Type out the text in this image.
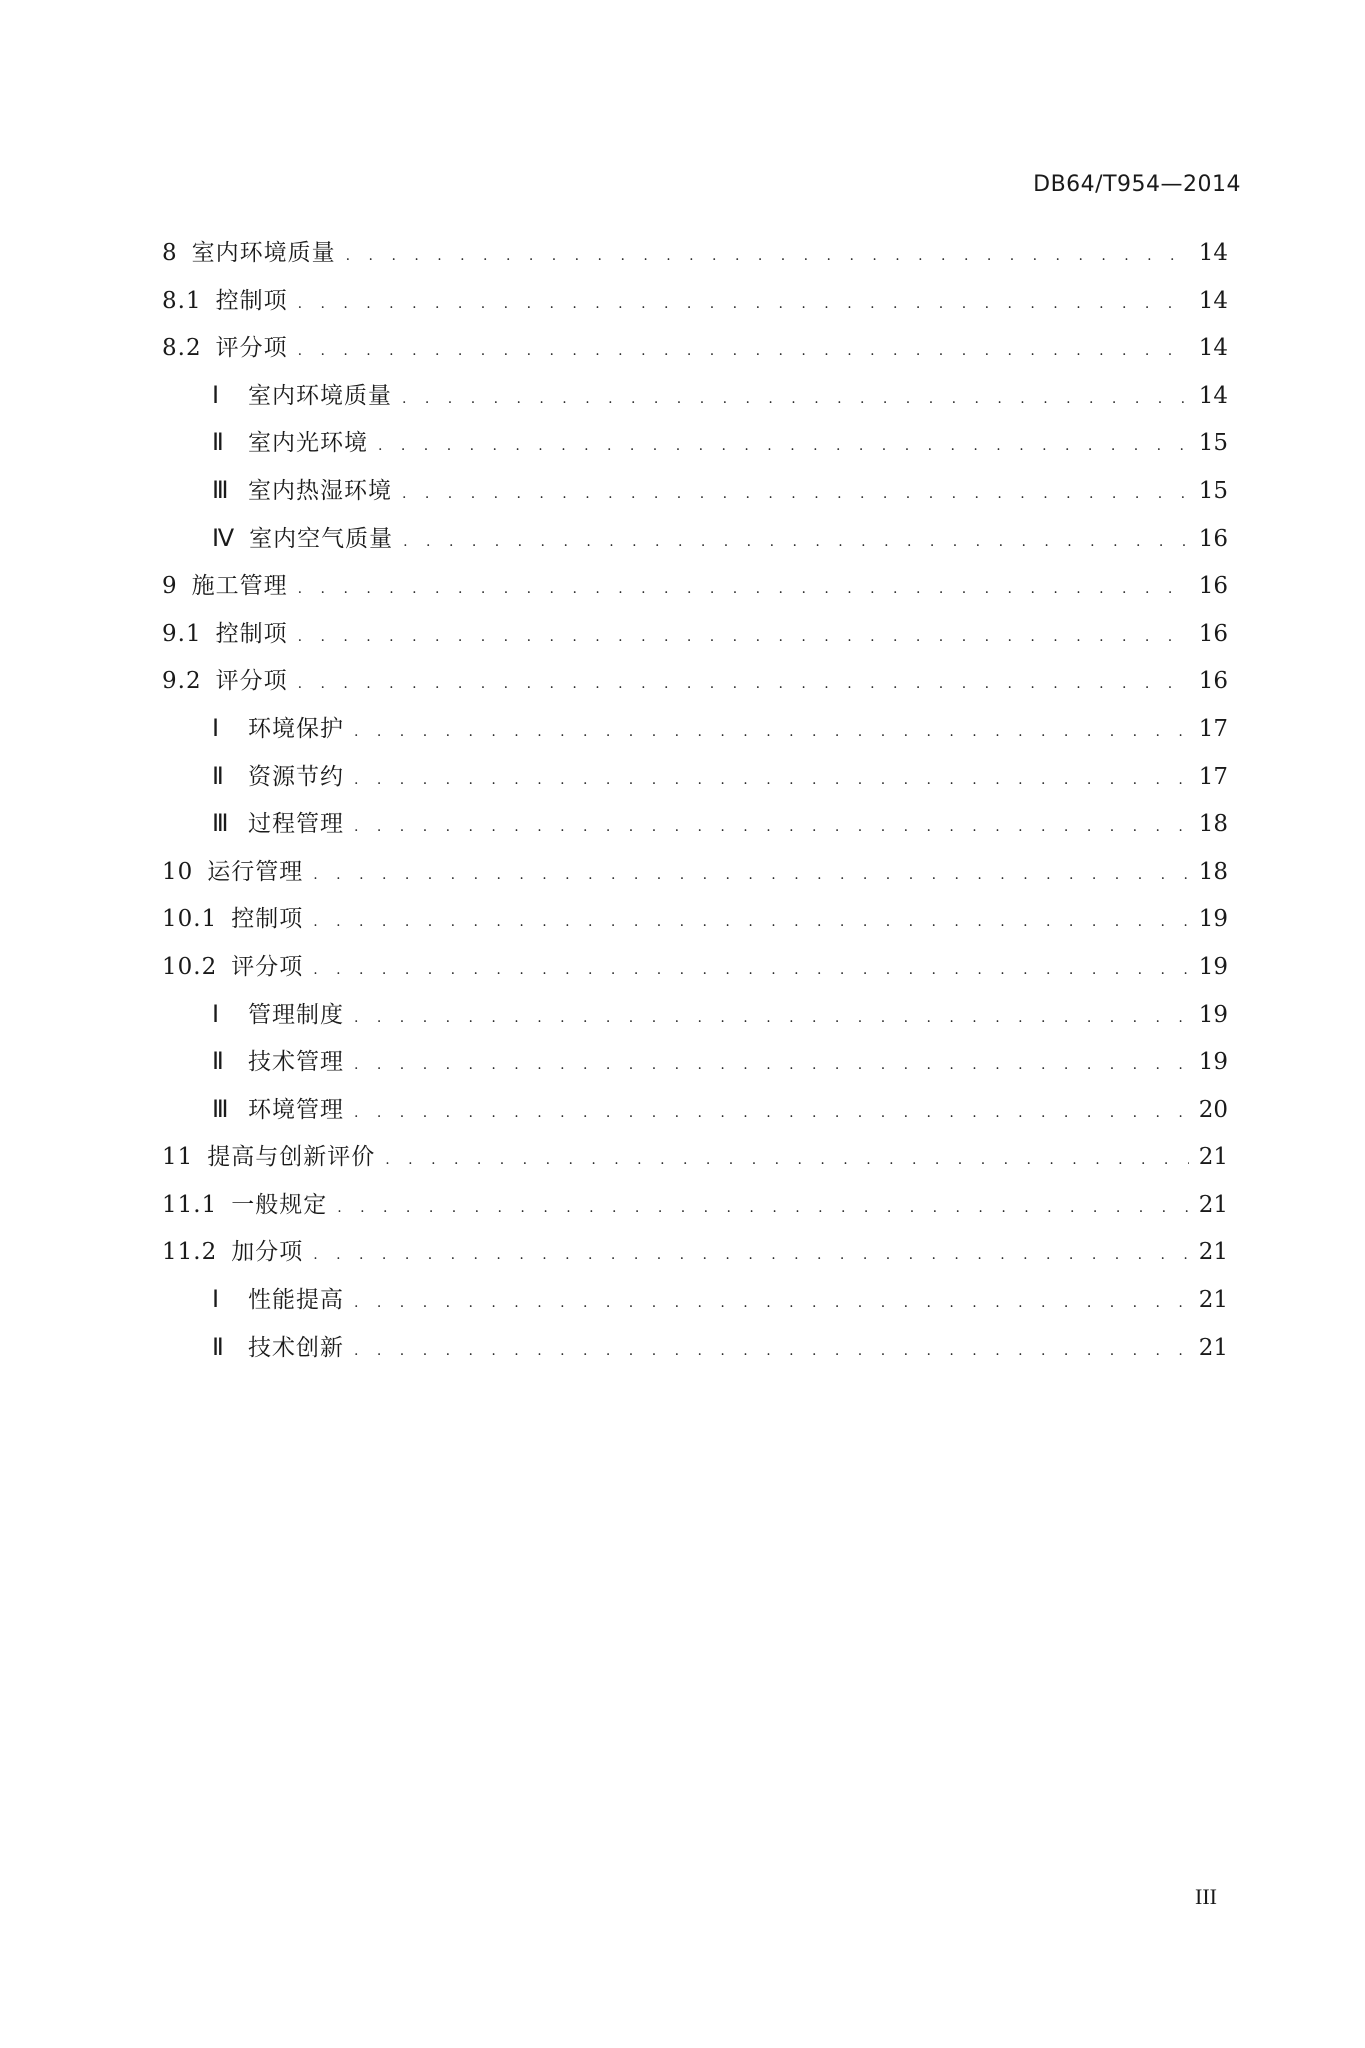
DB64/T954—2014
8 室内环境质量 . . .	14
8.1 控制项 . . .	14
8.2 评分项 . . .	14
Ⅰ	室内环境质量 . . .	14
Ⅱ	室内光环境 . . .	15
Ⅲ 室内热湿环境 . . .	15
Ⅳ 室内空气质量 . . .	16
9 施工管理 . . .	16
9.1 控制项 . . .	16
9.2 评分项 . . .	16
Ⅰ	环境保护 . . .	17
Ⅱ	资源节约 . . .	17
Ⅲ 过程管理 . . .	18
10 运行管理 . . .	18
10.1 控制项 . . .	19
10.2 评分项 . . .	19
Ⅰ	管理制度 . . .	19
Ⅱ	技术管理 . . .	19
Ⅲ 环境管理 . . .	20
11 提高与创新评价 . . .	21
11.1 一般规定 . . .	21
11.2 加分项 . . .	21
Ⅰ	性能提高 . . .	21
Ⅱ	技术创新 . . .	21
III
